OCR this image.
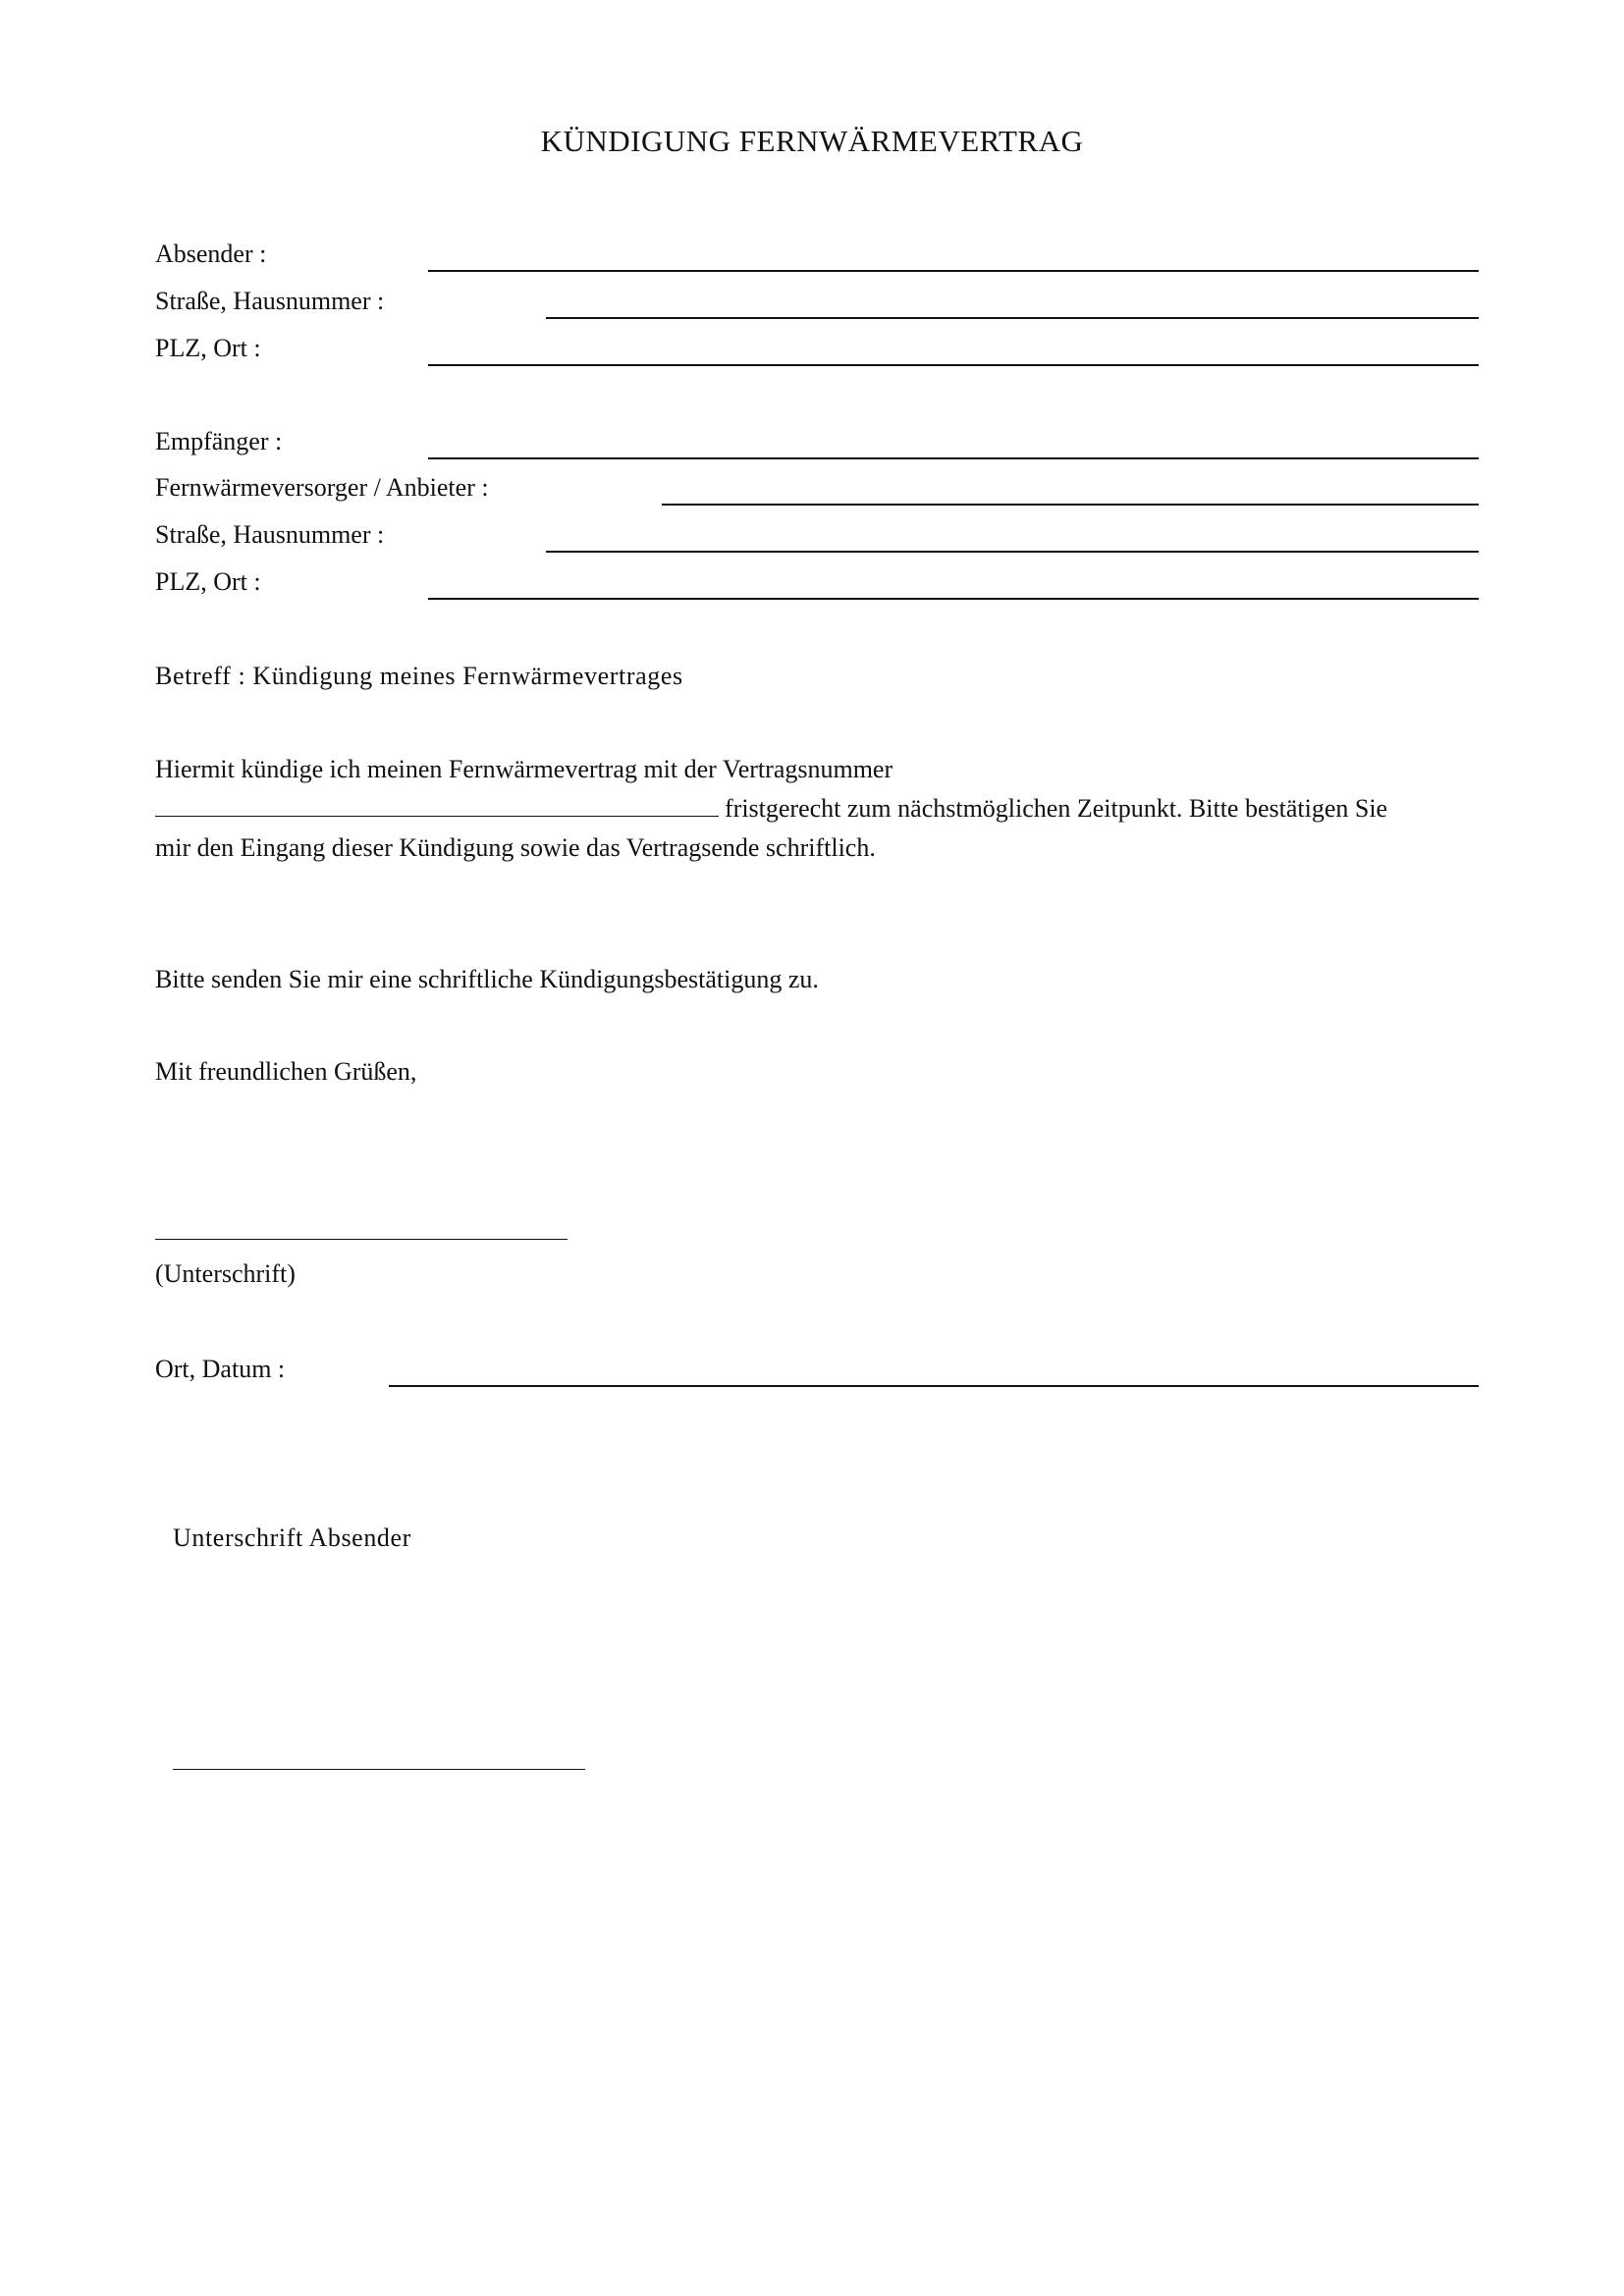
KÜNDIGUNG FERNWÄRMEVERTRAG
Absender :
Straße, Hausnummer :
PLZ, Ort :
Empfänger :
Fernwärmeversorger / Anbieter :
Straße, Hausnummer :
PLZ, Ort :
Betreff : Kündigung meines Fernwärmevertrages
Hiermit kündige ich meinen Fernwärmevertrag mit der Vertragsnummer
fristgerecht zum nächstmöglichen Zeitpunkt. Bitte bestätigen Sie
mir den Eingang dieser Kündigung sowie das Vertragsende schriftlich.
Bitte senden Sie mir eine schriftliche Kündigungsbestätigung zu.
Mit freundlichen Grüßen,
(Unterschrift)
Ort, Datum :
Unterschrift Absender
